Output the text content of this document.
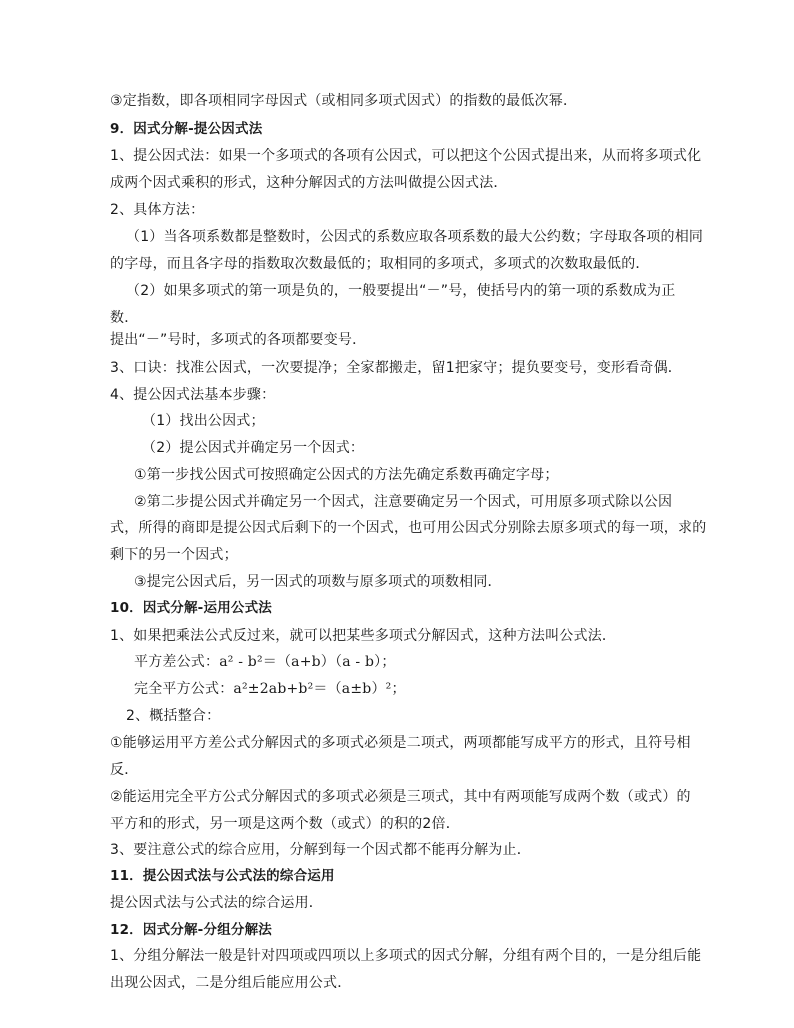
③定指数，即各项相同字母因式（或相同多项式因式）的指数的最低次幂．
9．因式分解-提公因式法
1、提公因式法：如果一个多项式的各项有公因式，可以把这个公因式提出来，从而将多项式化
成两个因式乘积的形式，这种分解因式的方法叫做提公因式法．
2、具体方法：
（1）当各项系数都是整数时，公因式的系数应取各项系数的最大公约数；字母取各项的相同
的字母，而且各字母的指数取次数最低的；取相同的多项式，多项式的次数取最低的．
（2）如果多项式的第一项是负的，一般要提出“－”号，使括号内的第一项的系数成为正
数．
提出“－”号时，多项式的各项都要变号．
3、口诀：找准公因式，一次要提净；全家都搬走，留1把家守；提负要变号，变形看奇偶．
4、提公因式法基本步骤：
（1）找出公因式；
（2）提公因式并确定另一个因式：
①第一步找公因式可按照确定公因式的方法先确定系数再确定字母；
②第二步提公因式并确定另一个因式，注意要确定另一个因式，可用原多项式除以公因
式，所得的商即是提公因式后剩下的一个因式，也可用公因式分别除去原多项式的每一项，求的
剩下的另一个因式；
③提完公因式后，另一因式的项数与原多项式的项数相同．
10．因式分解-运用公式法
1、如果把乘法公式反过来，就可以把某些多项式分解因式，这种方法叫公式法．
平方差公式：a² - b²＝（a+b）（a - b）；
完全平方公式：a²±2ab+b²＝（a±b）²；
2、概括整合：
①能够运用平方差公式分解因式的多项式必须是二项式，两项都能写成平方的形式，且符号相
反．
②能运用完全平方公式分解因式的多项式必须是三项式，其中有两项能写成两个数（或式）的
平方和的形式，另一项是这两个数（或式）的积的2倍．
3、要注意公式的综合应用，分解到每一个因式都不能再分解为止．
11．提公因式法与公式法的综合运用
提公因式法与公式法的综合运用．
12．因式分解-分组分解法
1、分组分解法一般是针对四项或四项以上多项式的因式分解，分组有两个目的，一是分组后能
出现公因式，二是分组后能应用公式．
